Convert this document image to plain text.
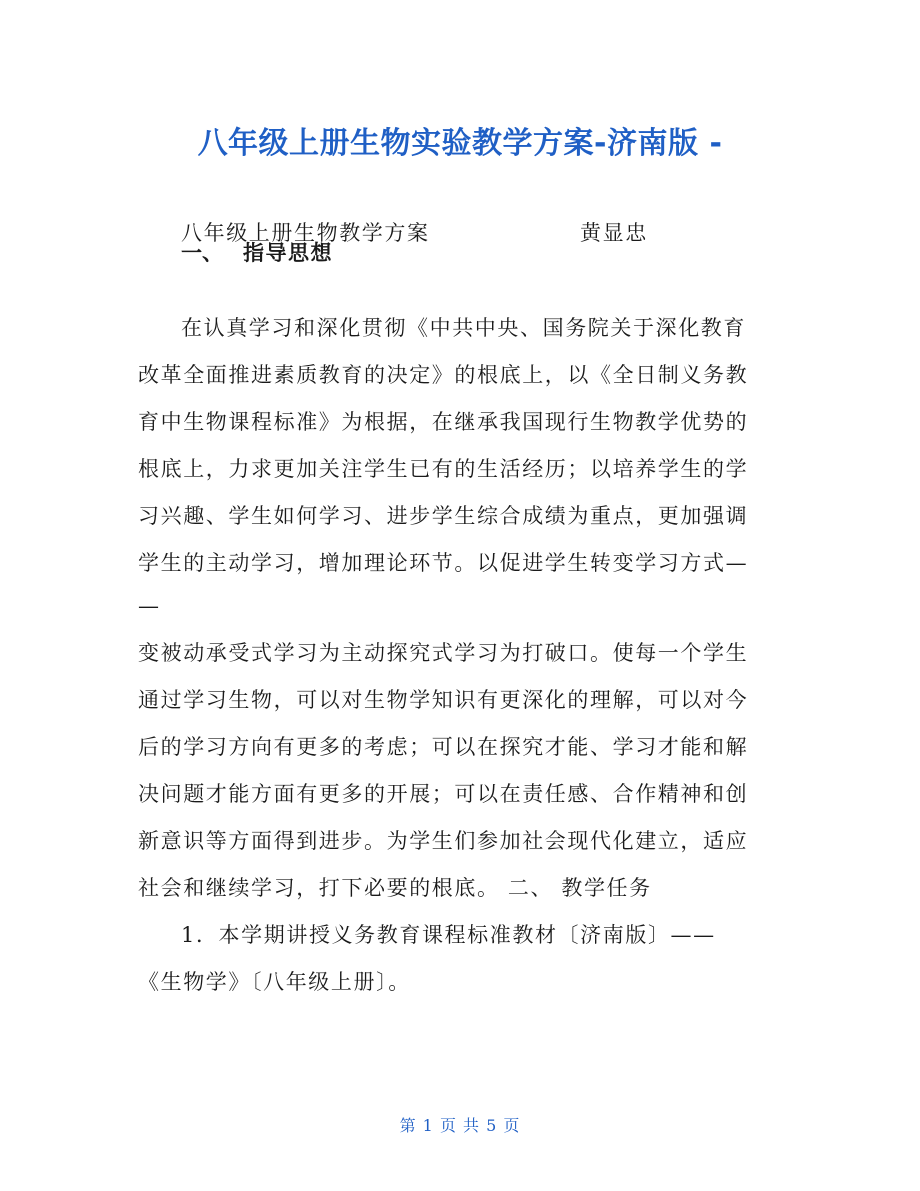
八年级上册生物实验教学方案-济南版 -
八年级上册生物教学方案	黄显忠
一、 指导思想
在认真学习和深化贯彻《中共中央、国务院关于深化教育
改革全面推进素质教育的决定》的根底上，以《全日制义务教
育中生物课程标准》为根据，在继承我国现行生物教学优势的
根底上，力求更加关注学生已有的生活经历；以培养学生的学
习兴趣、学生如何学习、进步学生综合成绩为重点，更加强调
学生的主动学习，增加理论环节。以促进学生转变学习方式—
—
变被动承受式学习为主动探究式学习为打破口。使每一个学生
通过学习生物，可以对生物学知识有更深化的理解，可以对今
后的学习方向有更多的考虑；可以在探究才能、学习才能和解
决问题才能方面有更多的开展；可以在责任感、合作精神和创
新意识等方面得到进步。为学生们参加社会现代化建立，适应
社会和继续学习，打下必要的根底。 二、 教学任务
1．本学期讲授义务教育课程标准教材〔济南版〕——
《生物学》〔八年级上册〕。
第 1 页 共 5 页
